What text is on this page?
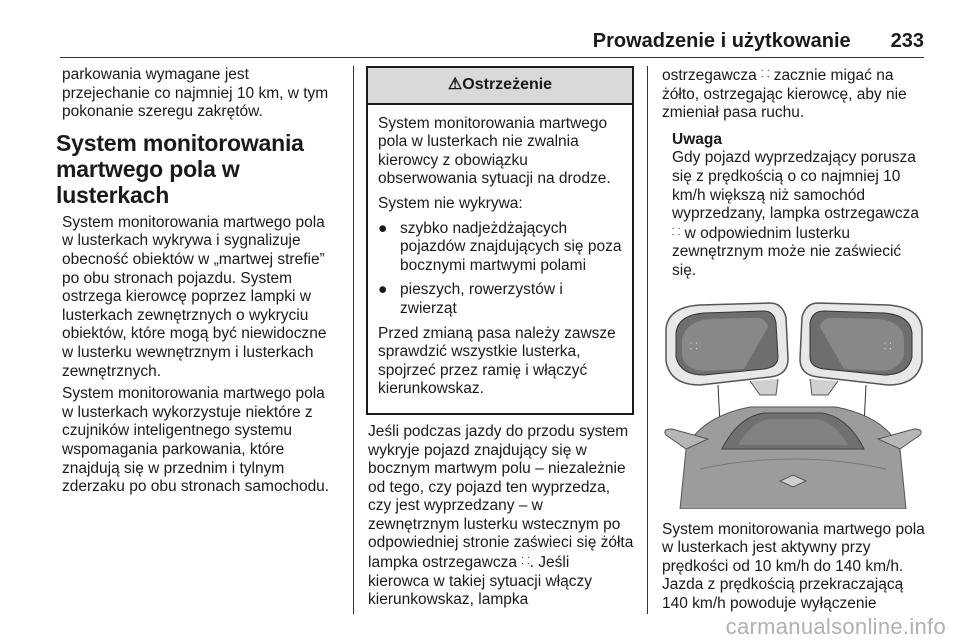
Prowadzenie i użytkowanie 233

parkowania wymagane jest przejechanie co najmniej 10 km, w tym pokonanie szeregu zakrętów.

System monitorowania martwego pola w lusterkach

System monitorowania martwego pola w lusterkach wykrywa i sygnalizuje obecność obiektów w „martwej strefie” po obu stronach pojazdu. System ostrzega kierowcę poprzez lampki w lusterkach zewnętrznych o wykryciu obiektów, które mogą być niewidoczne w lusterku wewnętrznym i lusterkach zewnętrznych.

System monitorowania martwego pola w lusterkach wykorzystuje niektóre z czujników inteligentnego systemu wspomagania parkowania, które znajdują się w przednim i tylnym zderzaku po obu stronach samochodu.

⚠Ostrzeżenie

System monitorowania martwego pola w lusterkach nie zwalnia kierowcy z obowiązku obserwowania sytuacji na drodze.

System nie wykrywa:

● szybko nadjeżdżających pojazdów znajdujących się poza bocznymi martwymi polami
● pieszych, rowerzystów i zwierząt

Przed zmianą pasa należy zawsze sprawdzić wszystkie lusterka, spojrzeć przez ramię i włączyć kierunkowskaz.

Jeśli podczas jazdy do przodu system wykryje pojazd znajdujący się w bocznym martwym polu – niezależnie od tego, czy pojazd ten wyprzedza, czy jest wyprzedzany – w zewnętrznym lusterku wstecznym po odpowiedniej stronie zaświeci się żółta lampka ostrzegawcza ⸬. Jeśli kierowca w takiej sytuacji włączy kierunkowskaz, lampka

ostrzegawcza ⸬ zacznie migać na żółto, ostrzegając kierowcę, aby nie zmieniał pasa ruchu.

Uwaga
Gdy pojazd wyprzedzający porusza się z prędkością o co najmniej 10 km/h większą niż samochód wyprzedzany, lampka ostrzegawcza
⸬ w odpowiednim lusterku zewnętrznym może nie zaświecić się.
⸬	⸬

System monitorowania martwego pola w lusterkach jest aktywny przy prędkości od 10 km/h do 140 km/h. Jazda z prędkością przekraczającą 140 km/h powoduje wyłączenie

carmanualsonline.info
